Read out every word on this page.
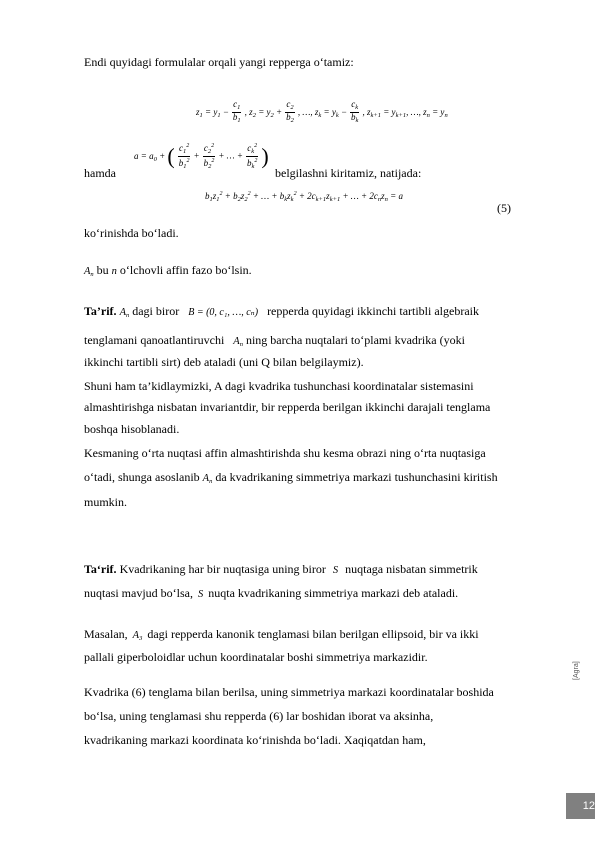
Endi quyidagi formulalar orqali yangi repperga o‘tamiz:
$z_1 = y_1 - \frac{c_1}{b_1}$ , $z_2 = y_2 + \frac{c_2}{b_2}$ , …, $z_k = y_k - \frac{c_k}{b_k}$ , $z_{k+1} = y_{k+1}$, …, $z_n = y_n$
hamda
$a = a_0$ + ( $\frac{c_1^2}{b_1^2} + \frac{c_2^2}{b_2^2}$ + … + $\frac{c_k^2}{b_k^2}$ )
belgilashni kiritamiz, natijada:
$b_1z_1^2 + b_2z_2^2$ + … + $b_kz_k^2 + 2c_{k+1}z_{k+1}$ + … + $2c_nz_n = a$
(5)
ko‘rinishda bo‘ladi.
$A_n$ bu n o‘lchovli affin fazo bo‘lsin.
Ta’rif. $A_n$ dagi biror B = (0, c₁, …, cₙ) repperda quyidagi ikkinchi tartibli algebraik
tenglamani qanoatlantiruvchi $A_n$ ning barcha nuqtalari to‘plami kvadrika (yoki
ikkinchi tartibli sirt) deb ataladi (uni Q bilan belgilaymiz).
Shuni ham ta’kidlaymizki, A dagi kvadrika tushunchasi koordinatalar sistemasini
almashtirishga nisbatan invariantdir, bir repperda berilgan ikkinchi darajali tenglama
boshqa hisoblanadi.
Kesmaning o‘rta nuqtasi affin almashtirishda shu kesma obrazi ning o‘rta nuqtasiga
o‘tadi, shunga asoslanib $A_n$ da kvadrikaning simmetriya markazi tushunchasini kiritish
mumkin.
Ta‘rif. Kvadrikaning har bir nuqtasiga uning biror S nuqtaga nisbatan simmetrik
nuqtasi mavjud bo‘lsa, S nuqta kvadrikaning simmetriya markazi deb ataladi.
Masalan, $A_3$ dagi repperda kanonik tenglamasi bilan berilgan ellipsoid, bir va ikki
pallali giperboloidlar uchun koordinatalar boshi simmetriya markazidir.
Kvadrika (6) tenglama bilan berilsa, uning simmetriya markazi koordinatalar boshida
bo‘lsa, uning tenglamasi shu repperda (6) lar boshidan iborat va aksinha,
kvadrikaning markazi koordinata ko‘rinishda bo‘ladi. Xaqiqatdan ham,
[Agra]
12
